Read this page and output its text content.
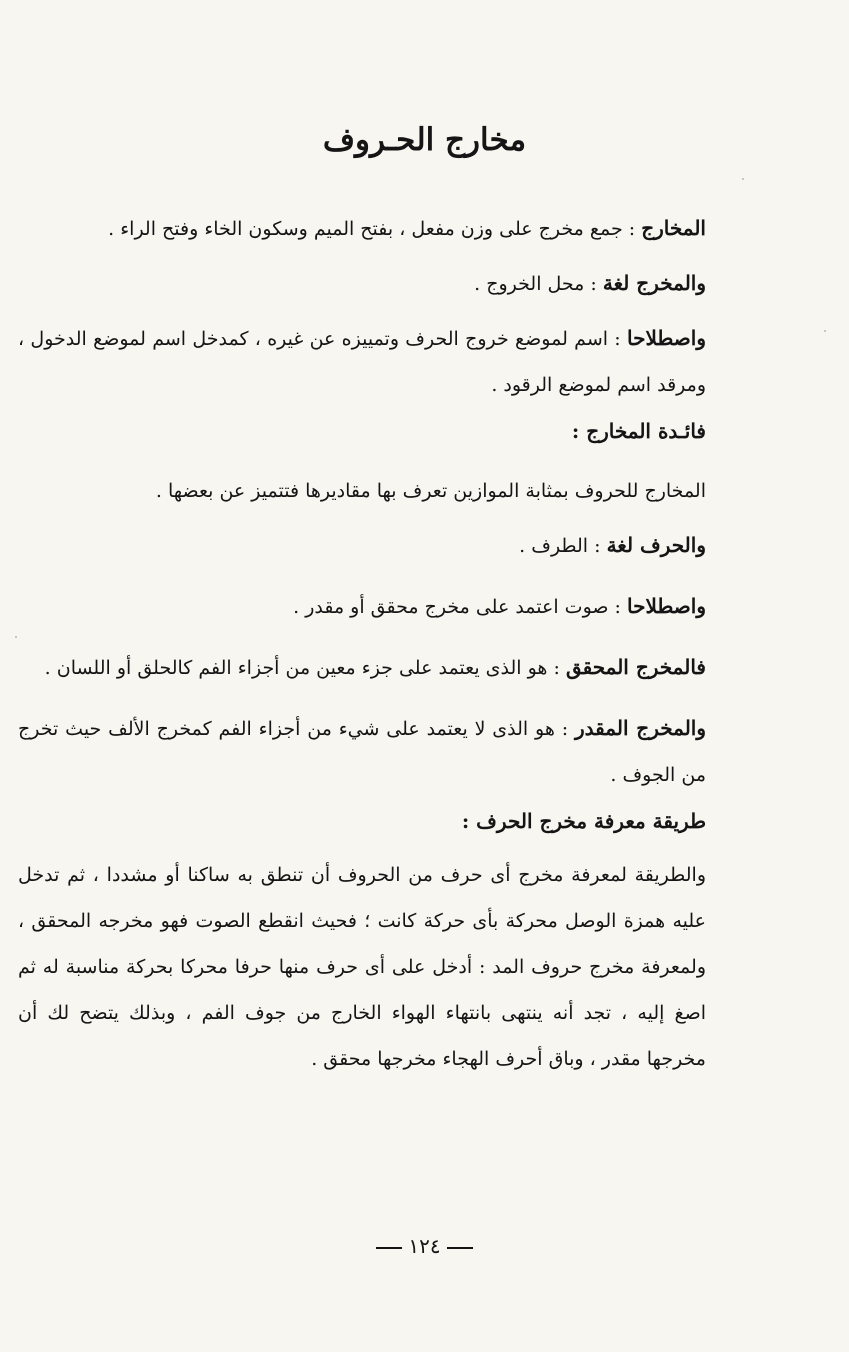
مخارج الحـروف

المخارج : جمع مخرج على وزن مفعل ، بفتح الميم وسكون الخاء وفتح الراء .

والمخرج لغة : محل الخروج .

واصطلاحا : اسم لموضع خروج الحرف وتمييزه عن غيره ، كمدخل اسم لموضع الدخول ، ومرقد اسم لموضع الرقود .

فائـدة المخارج :

المخارج للحروف بمثابة الموازين تعرف بها مقاديرها فتتميز عن بعضها .

والحرف لغة : الطرف .

واصطلاحا : صوت اعتمد على مخرج محقق أو مقدر .

فالمخرج المحقق : هو الذى يعتمد على جزء معين من أجزاء الفم كالحلق أو اللسان .

والمخرج المقدر : هو الذى لا يعتمد على شيء من أجزاء الفم كمخرج الألف حيث تخرج من الجوف .

طريقة معرفة مخرج الحرف :

والطريقة لمعرفة مخرج أى حرف من الحروف أن تنطق به ساكنا أو مشددا ، ثم تدخل عليه همزة الوصل محركة بأى حركة كانت ؛ فحيث انقطع الصوت فهو مخرجه المحقق ، ولمعرفة مخرج حروف المد : أدخل على أى حرف منها حرفا محركا بحركة مناسبة له ثم اصغ إليه ، تجد أنه ينتهى بانتهاء الهواء الخارج من جوف الفم ، وبذلك يتضح لك أن مخرجها مقدر ، وباق أحرف الهجاء مخرجها محقق .

١٢٤
